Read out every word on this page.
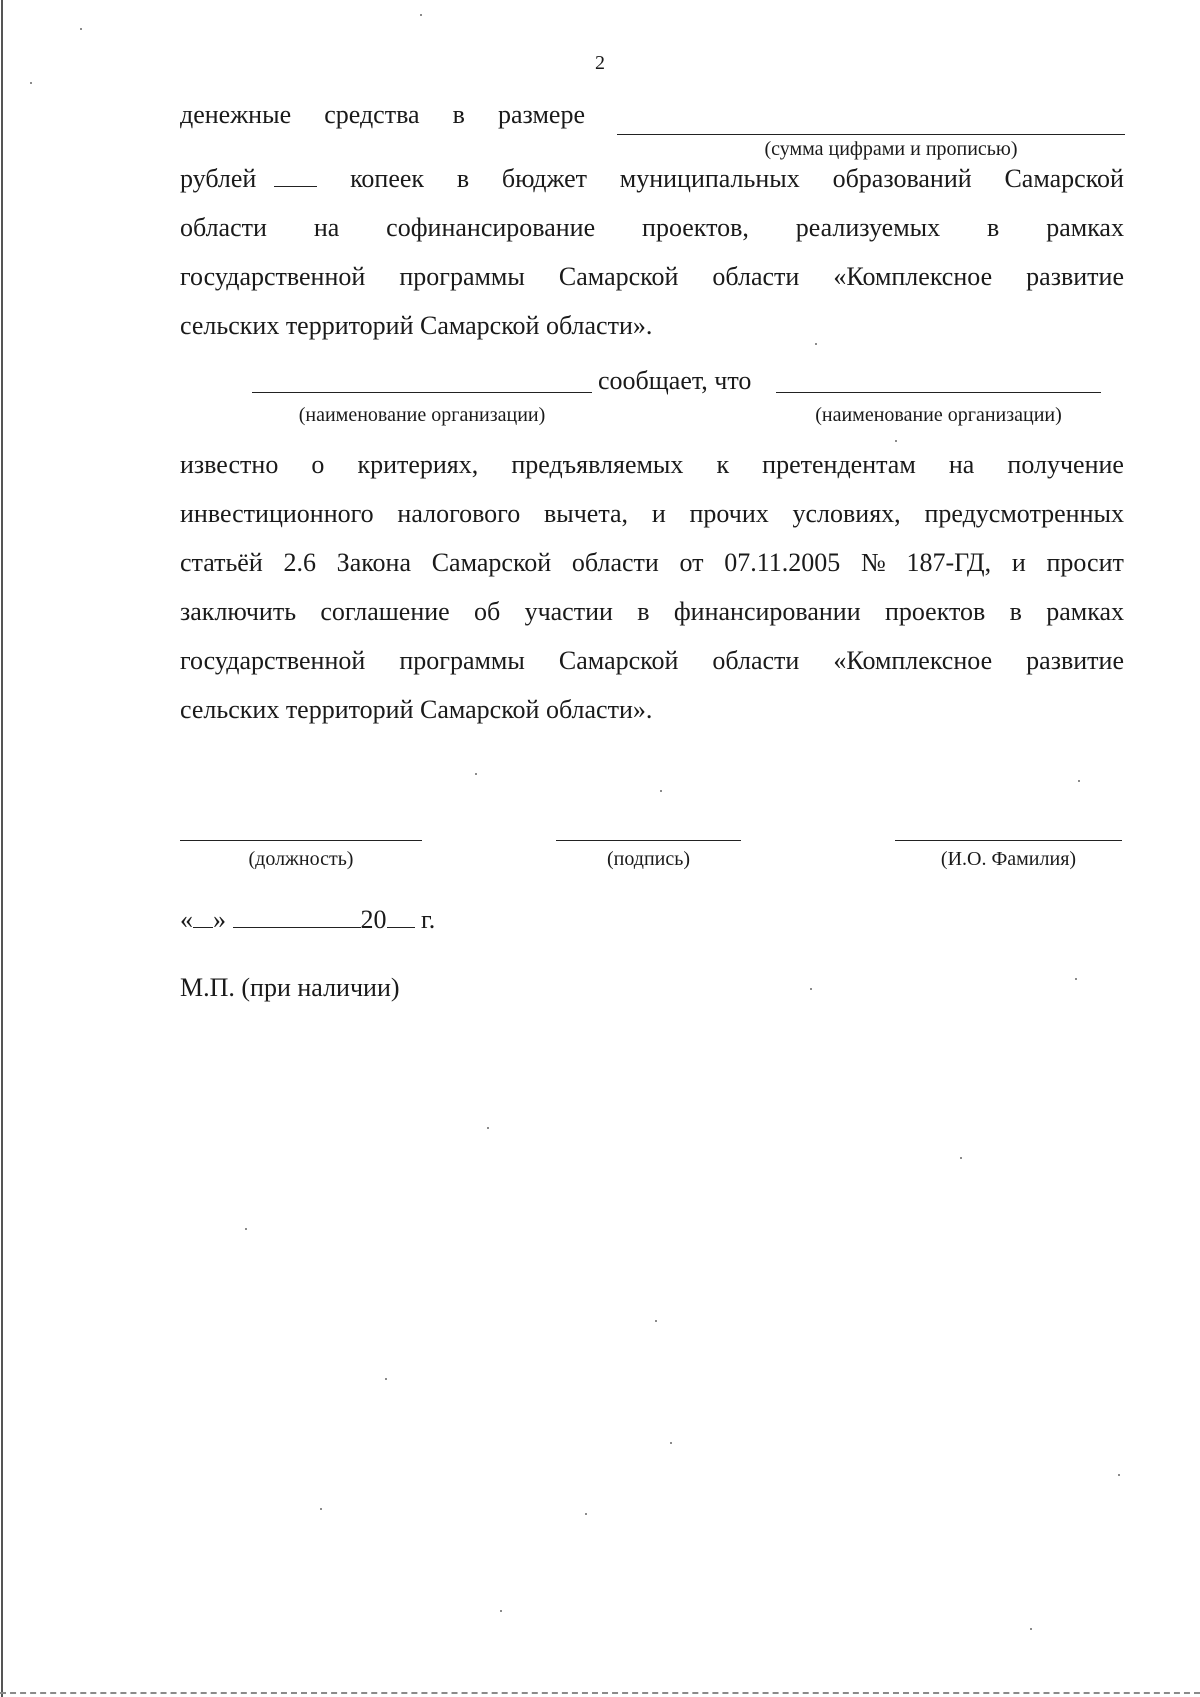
2
денежные средства в размере
(сумма цифрами и прописью)
рублей	копеек в бюджет муниципальных образований Самарской
области на софинансирование проектов, реализуемых в рамках
государственной программы Самарской области «Комплексное развитие
сельских территорий Самарской области».
сообщает, что
(наименование организации)	(наименование организации)
известно о критериях, предъявляемых к претендентам на получение
инвестиционного налогового вычета, и прочих условиях, предусмотренных
статьёй 2.6 Закона Самарской области от 07.11.2005 № 187-ГД, и просит
заключить соглашение об участии в финансировании проектов в рамках
государственной программы Самарской области «Комплексное развитие
сельских территорий Самарской области».
(должность)	(подпись)	(И.О. Фамилия)
« »	20 г.
М.П. (при наличии)
